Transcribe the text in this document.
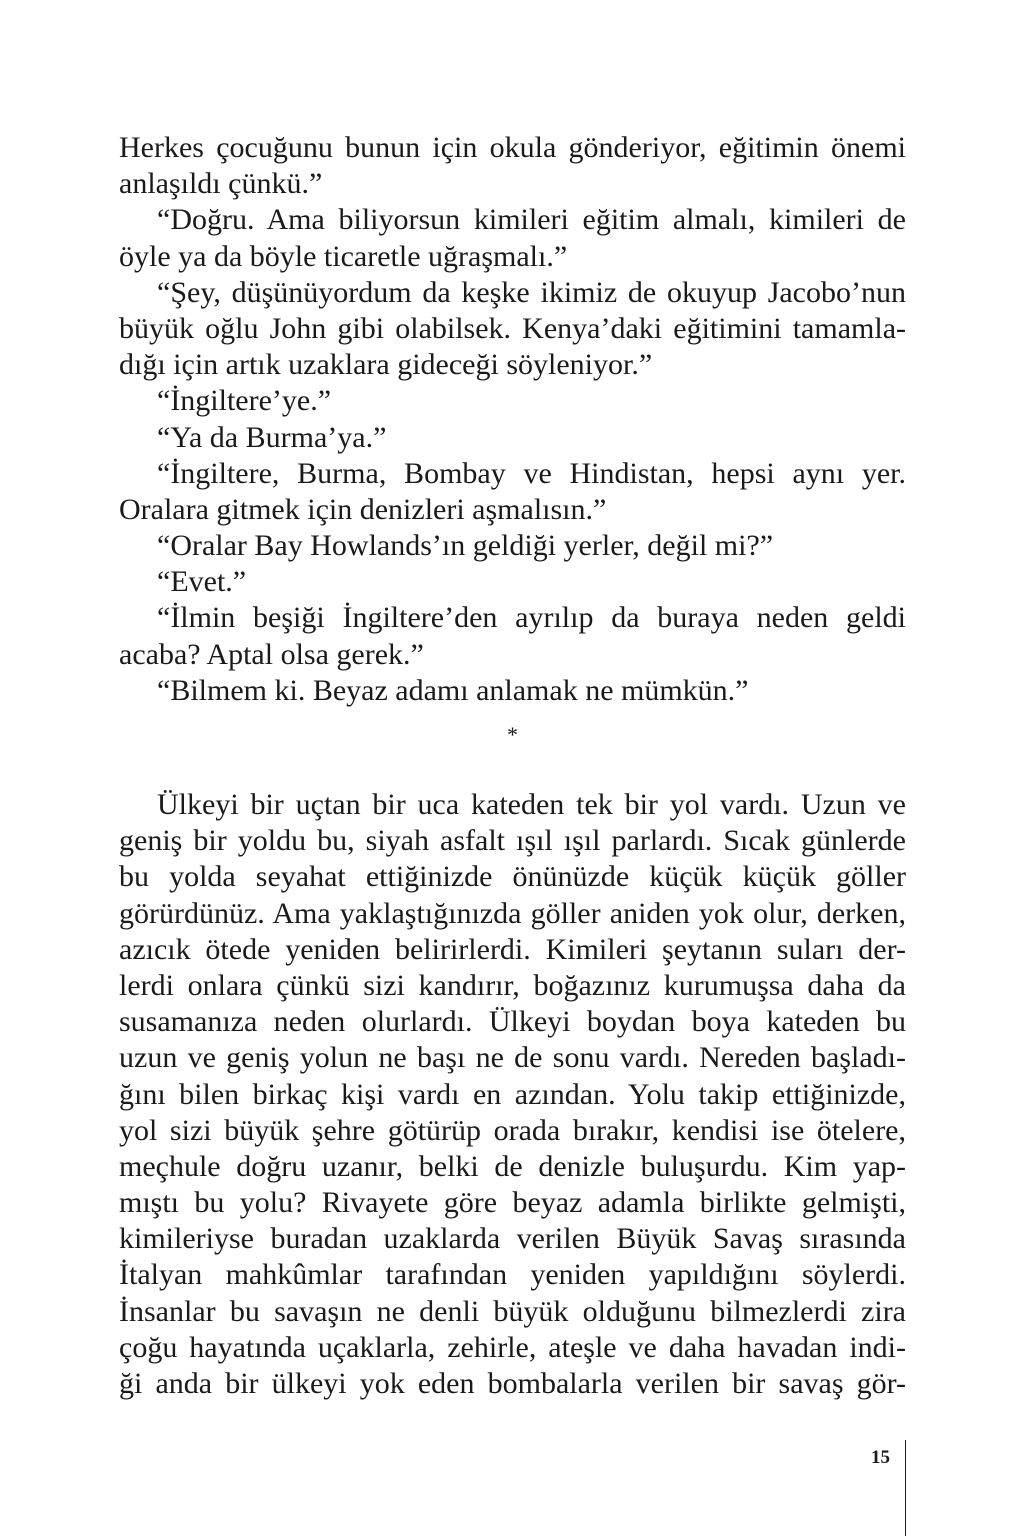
Herkes çocuğunu bunun için okula gönderiyor, eğitimin önemi
anlaşıldı çünkü.”
“Doğru. Ama biliyorsun kimileri eğitim almalı, kimileri de
öyle ya da böyle ticaretle uğraşmalı.”
“Şey, düşünüyordum da keşke ikimiz de okuyup Jacobo’nun
büyük oğlu John gibi olabilsek. Kenya’daki eğitimini tamamla-
dığı için artık uzaklara gideceği söyleniyor.”
“İngiltere’ye.”
“Ya da Burma’ya.”
“İngiltere, Burma, Bombay ve Hindistan, hepsi aynı yer.
Oralara gitmek için denizleri aşmalısın.”
“Oralar Bay Howlands’ın geldiği yerler, değil mi?”
“Evet.”
“İlmin beşiği İngiltere’den ayrılıp da buraya neden geldi
acaba? Aptal olsa gerek.”
“Bilmem ki. Beyaz adamı anlamak ne mümkün.”
*
Ülkeyi bir uçtan bir uca kateden tek bir yol vardı. Uzun ve
geniş bir yoldu bu, siyah asfalt ışıl ışıl parlardı. Sıcak günlerde
bu yolda seyahat ettiğinizde önünüzde küçük küçük göller
görürdünüz. Ama yaklaştığınızda göller aniden yok olur, derken,
azıcık ötede yeniden belirirlerdi. Kimileri şeytanın suları der-
lerdi onlara çünkü sizi kandırır, boğazınız kurumuşsa daha da
susamanıza neden olurlardı. Ülkeyi boydan boya kateden bu
uzun ve geniş yolun ne başı ne de sonu vardı. Nereden başladı-
ğını bilen birkaç kişi vardı en azından. Yolu takip ettiğinizde,
yol sizi büyük şehre götürüp orada bırakır, kendisi ise ötelere,
meçhule doğru uzanır, belki de denizle buluşurdu. Kim yap-
mıştı bu yolu? Rivayete göre beyaz adamla birlikte gelmişti,
kimileriyse buradan uzaklarda verilen Büyük Savaş sırasında
İtalyan mahkûmlar tarafından yeniden yapıldığını söylerdi.
İnsanlar bu savaşın ne denli büyük olduğunu bilmezlerdi zira
çoğu hayatında uçaklarla, zehirle, ateşle ve daha havadan indi-
ği anda bir ülkeyi yok eden bombalarla verilen bir savaş gör-
15
